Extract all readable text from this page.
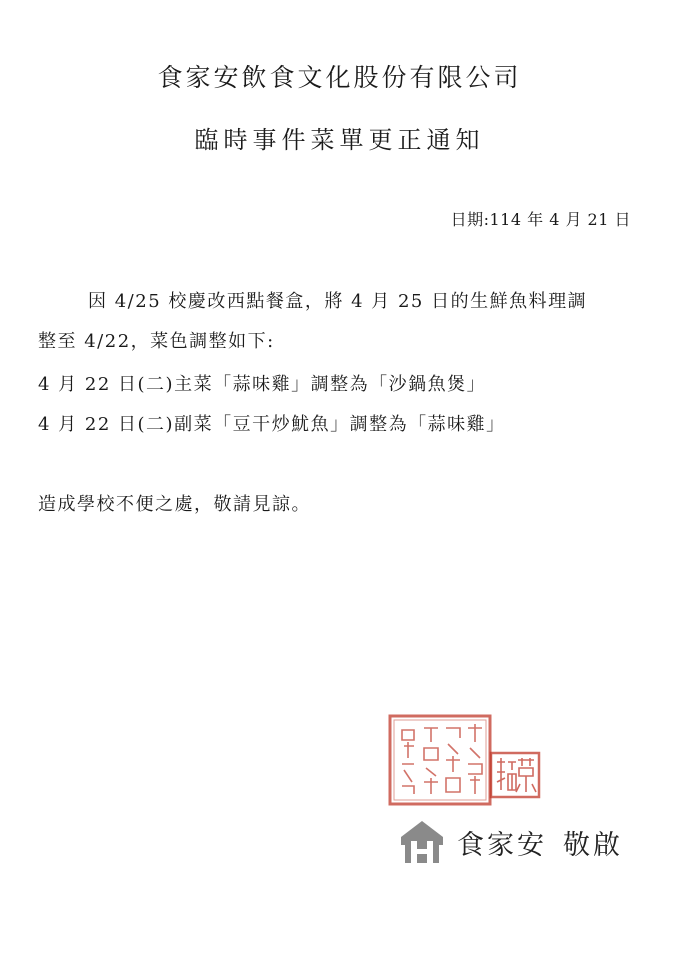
食家安飲食文化股份有限公司
臨時事件菜單更正通知
日期:114 年 4 月 21 日
因 4/25 校慶改西點餐盒，將 4 月 25 日的生鮮魚料理調
整至 4/22，菜色調整如下:
4 月 22 日(二)主菜「蒜味雞」調整為「沙鍋魚煲」
4 月 22 日(二)副菜「豆干炒魷魚」調整為「蒜味雞」
造成學校不便之處，敬請見諒。
食家安 敬啟
